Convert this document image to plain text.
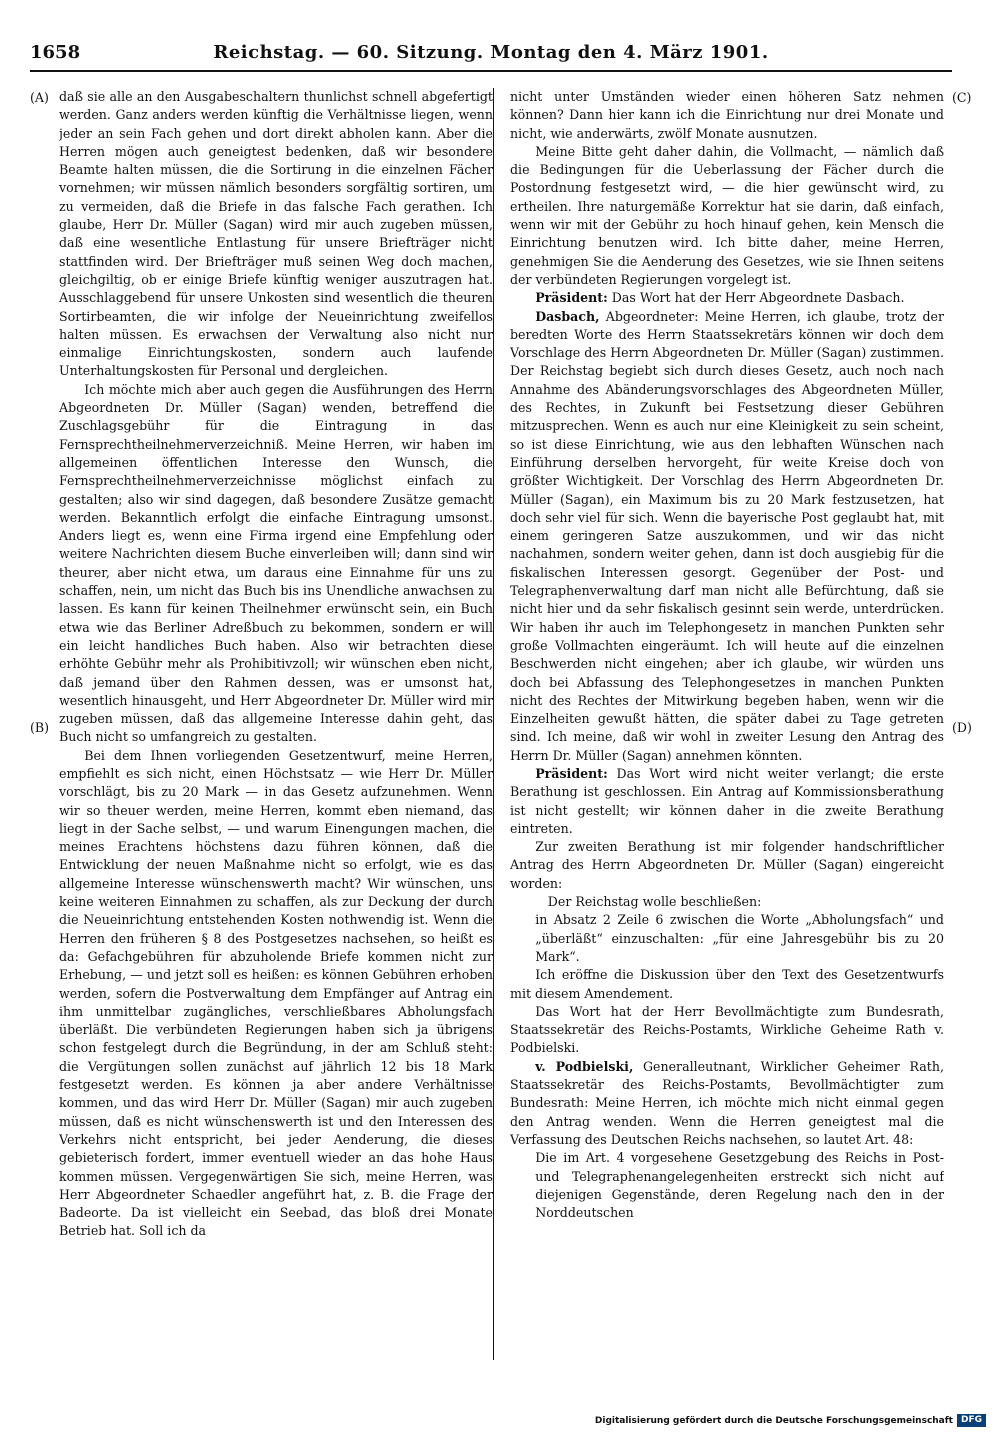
1658	Reichstag. — 60. Sitzung. Montag den 4. März 1901.
(A)
(B)
(C)
(D)

daß sie alle an den Ausgabeschaltern thunlichst schnell abgefertigt werden. Ganz anders werden künftig die Verhältnisse liegen, wenn jeder an sein Fach gehen und dort direkt abholen kann. Aber die Herren mögen auch geneigtest bedenken, daß wir besondere Beamte halten müssen, die die Sortirung in die einzelnen Fächer vornehmen; wir müssen nämlich besonders sorgfältig sortiren, um zu vermeiden, daß die Briefe in das falsche Fach gerathen. Ich glaube, Herr Dr. Müller (Sagan) wird mir auch zugeben müssen, daß eine wesentliche Entlastung für unsere Briefträger nicht stattfinden wird. Der Briefträger muß seinen Weg doch machen, gleichgiltig, ob er einige Briefe künftig weniger auszutragen hat. Ausschlaggebend für unsere Unkosten sind wesentlich die theuren Sortirbeamten, die wir infolge der Neueinrichtung zweifellos halten müssen. Es erwachsen der Verwaltung also nicht nur einmalige Einrichtungskosten, sondern auch laufende Unterhaltungskosten für Personal und dergleichen.

Ich möchte mich aber auch gegen die Ausführungen des Herrn Abgeordneten Dr. Müller (Sagan) wenden, betreffend die Zuschlagsgebühr für die Eintragung in das Fernsprechtheilnehmerverzeichniß. Meine Herren, wir haben im allgemeinen öffentlichen Interesse den Wunsch, die Fernsprechtheilnehmerverzeichnisse möglichst einfach zu gestalten; also wir sind dagegen, daß besondere Zusätze gemacht werden. Bekanntlich erfolgt die einfache Eintragung umsonst. Anders liegt es, wenn eine Firma irgend eine Empfehlung oder weitere Nachrichten diesem Buche einverleiben will; dann sind wir theurer, aber nicht etwa, um daraus eine Einnahme für uns zu schaffen, nein, um nicht das Buch bis ins Unendliche anwachsen zu lassen. Es kann für keinen Theilnehmer erwünscht sein, ein Buch etwa wie das Berliner Adreßbuch zu bekommen, sondern er will ein leicht handliches Buch haben. Also wir betrachten diese erhöhte Gebühr mehr als Prohibitivzoll; wir wünschen eben nicht, daß jemand über den Rahmen dessen, was er umsonst hat, wesentlich hinausgeht, und Herr Abgeordneter Dr. Müller wird mir zugeben müssen, daß das allgemeine Interesse dahin geht, das Buch nicht so umfangreich zu gestalten.

Bei dem Ihnen vorliegenden Gesetzentwurf, meine Herren, empfiehlt es sich nicht, einen Höchstsatz — wie Herr Dr. Müller vorschlägt, bis zu 20 Mark — in das Gesetz aufzunehmen. Wenn wir so theuer werden, meine Herren, kommt eben niemand, das liegt in der Sache selbst, — und warum Einengungen machen, die meines Erachtens höchstens dazu führen können, daß die Entwicklung der neuen Maßnahme nicht so erfolgt, wie es das allgemeine Interesse wünschenswerth macht? Wir wünschen, uns keine weiteren Einnahmen zu schaffen, als zur Deckung der durch die Neueinrichtung entstehenden Kosten nothwendig ist. Wenn die Herren den früheren § 8 des Postgesetzes nachsehen, so heißt es da: Gefachgebühren für abzuholende Briefe kommen nicht zur Erhebung, — und jetzt soll es heißen: es können Gebühren erhoben werden, sofern die Postverwaltung dem Empfänger auf Antrag ein ihm unmittelbar zugängliches, verschließbares Abholungsfach überläßt. Die verbündeten Regierungen haben sich ja übrigens schon festgelegt durch die Begründung, in der am Schluß steht: die Vergütungen sollen zunächst auf jährlich 12 bis 18 Mark festgesetzt werden. Es können ja aber andere Verhältnisse kommen, und das wird Herr Dr. Müller (Sagan) mir auch zugeben müssen, daß es nicht wünschenswerth ist und den Interessen des Verkehrs nicht entspricht, bei jeder Aenderung, die dieses gebieterisch fordert, immer eventuell wieder an das hohe Haus kommen müssen. Vergegenwärtigen Sie sich, meine Herren, was Herr Abgeordneter Schaedler angeführt hat, z. B. die Frage der Badeorte. Da ist vielleicht ein Seebad, das bloß drei Monate Betrieb hat. Soll ich da

nicht unter Umständen wieder einen höheren Satz nehmen können? Dann hier kann ich die Einrichtung nur drei Monate und nicht, wie anderwärts, zwölf Monate ausnutzen.

Meine Bitte geht daher dahin, die Vollmacht, — nämlich daß die Bedingungen für die Ueberlassung der Fächer durch die Postordnung festgesetzt wird, — die hier gewünscht wird, zu ertheilen. Ihre naturgemäße Korrektur hat sie darin, daß einfach, wenn wir mit der Gebühr zu hoch hinauf gehen, kein Mensch die Einrichtung benutzen wird. Ich bitte daher, meine Herren, genehmigen Sie die Aenderung des Gesetzes, wie sie Ihnen seitens der verbündeten Regierungen vorgelegt ist.

Präsident: Das Wort hat der Herr Abgeordnete Dasbach.

Dasbach, Abgeordneter: Meine Herren, ich glaube, trotz der beredten Worte des Herrn Staatssekretärs können wir doch dem Vorschlage des Herrn Abgeordneten Dr. Müller (Sagan) zustimmen. Der Reichstag begiebt sich durch dieses Gesetz, auch noch nach Annahme des Abänderungsvorschlages des Abgeordneten Müller, des Rechtes, in Zukunft bei Festsetzung dieser Gebühren mitzusprechen. Wenn es auch nur eine Kleinigkeit zu sein scheint, so ist diese Einrichtung, wie aus den lebhaften Wünschen nach Einführung derselben hervorgeht, für weite Kreise doch von größter Wichtigkeit. Der Vorschlag des Herrn Abgeordneten Dr. Müller (Sagan), ein Maximum bis zu 20 Mark festzusetzen, hat doch sehr viel für sich. Wenn die bayerische Post geglaubt hat, mit einem geringeren Satze auszukommen, und wir das nicht nachahmen, sondern weiter gehen, dann ist doch ausgiebig für die fiskalischen Interessen gesorgt. Gegenüber der Post- und Telegraphenverwaltung darf man nicht alle Befürchtung, daß sie nicht hier und da sehr fiskalisch gesinnt sein werde, unterdrücken. Wir haben ihr auch im Telephongesetz in manchen Punkten sehr große Vollmachten eingeräumt. Ich will heute auf die einzelnen Beschwerden nicht eingehen; aber ich glaube, wir würden uns doch bei Abfassung des Telephongesetzes in manchen Punkten nicht des Rechtes der Mitwirkung begeben haben, wenn wir die Einzelheiten gewußt hätten, die später dabei zu Tage getreten sind. Ich meine, daß wir wohl in zweiter Lesung den Antrag des Herrn Dr. Müller (Sagan) annehmen könnten.

Präsident: Das Wort wird nicht weiter verlangt; die erste Berathung ist geschlossen. Ein Antrag auf Kommissionsberathung ist nicht gestellt; wir können daher in die zweite Berathung eintreten.

Zur zweiten Berathung ist mir folgender handschriftlicher Antrag des Herrn Abgeordneten Dr. Müller (Sagan) eingereicht worden:

Der Reichstag wolle beschließen:

in Absatz 2 Zeile 6 zwischen die Worte „Abholungsfach“ und „überläßt“ einzuschalten: „für eine Jahresgebühr bis zu 20 Mark“.

Ich eröffne die Diskussion über den Text des Gesetzentwurfs mit diesem Amendement.

Das Wort hat der Herr Bevollmächtigte zum Bundesrath, Staatssekretär des Reichs-Postamts, Wirkliche Geheime Rath v. Podbielski.

v. Podbielski, Generalleutnant, Wirklicher Geheimer Rath, Staatssekretär des Reichs-Postamts, Bevollmächtigter zum Bundesrath: Meine Herren, ich möchte mich nicht einmal gegen den Antrag wenden. Wenn die Herren geneigtest mal die Verfassung des Deutschen Reichs nachsehen, so lautet Art. 48:

Die im Art. 4 vorgesehene Gesetzgebung des Reichs in Post- und Telegraphenangelegenheiten erstreckt sich nicht auf diejenigen Gegenstände, deren Regelung nach den in der Norddeutschen

Digitalisierung gefördert durch die Deutsche Forschungsgemeinschaft DFG
